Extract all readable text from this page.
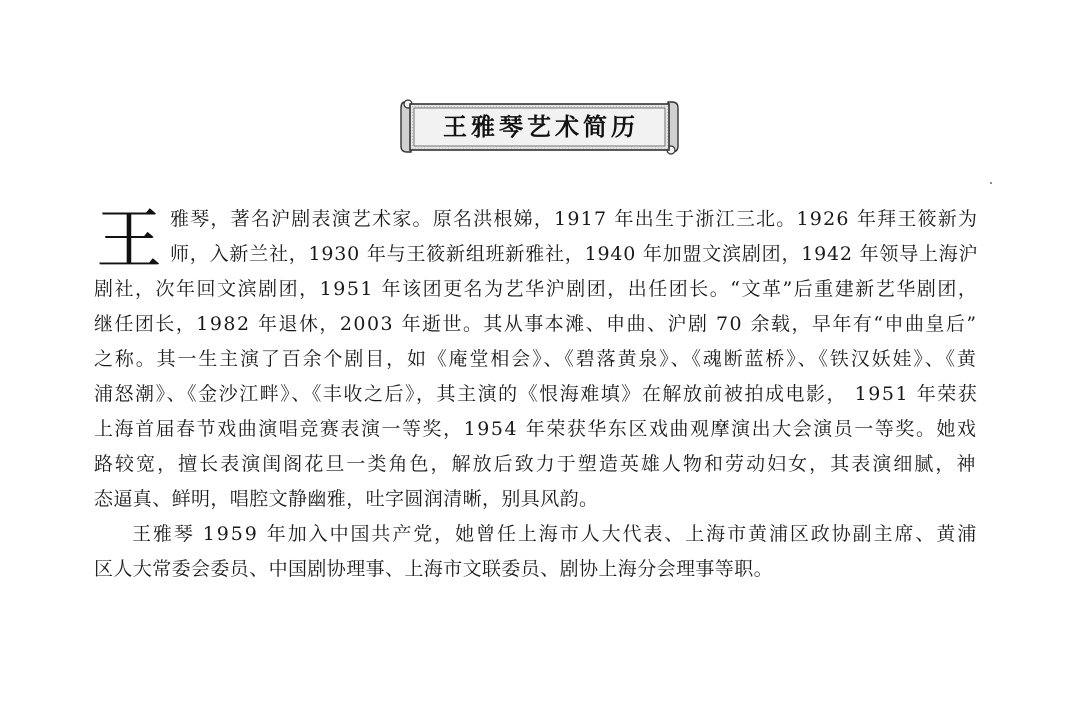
王雅琴艺术简历
王 雅琴，著名沪剧表演艺术家。原名洪根娣，1917 年出生于浙江三北。1926 年拜王筱新为
师，入新兰社，1930 年与王筱新组班新雅社，1940 年加盟文滨剧团，1942 年领导上海沪
剧社，次年回文滨剧团，1951 年该团更名为艺华沪剧团，出任团长。“文革”后重建新艺华剧团，
继任团长，1982 年退休，2003 年逝世。其从事本滩、申曲、沪剧 70 余载，早年有“申曲皇后”
之称。其一生主演了百余个剧目，如《庵堂相会》、《碧落黄泉》、《魂断蓝桥》、《铁汉妖娃》、《黄
浦怒潮》、《金沙江畔》、《丰收之后》，其主演的《恨海难填》在解放前被拍成电影， 1951 年荣获
上海首届春节戏曲演唱竞赛表演一等奖，1954 年荣获华东区戏曲观摩演出大会演员一等奖。她戏
路较宽，擅长表演闺阁花旦一类角色，解放后致力于塑造英雄人物和劳动妇女，其表演细腻，神
态逼真、鲜明，唱腔文静幽雅，吐字圆润清晰，别具风韵。
王雅琴 1959 年加入中国共产党，她曾任上海市人大代表、上海市黄浦区政协副主席、黄浦
区人大常委会委员、中国剧协理事、上海市文联委员、剧协上海分会理事等职。
